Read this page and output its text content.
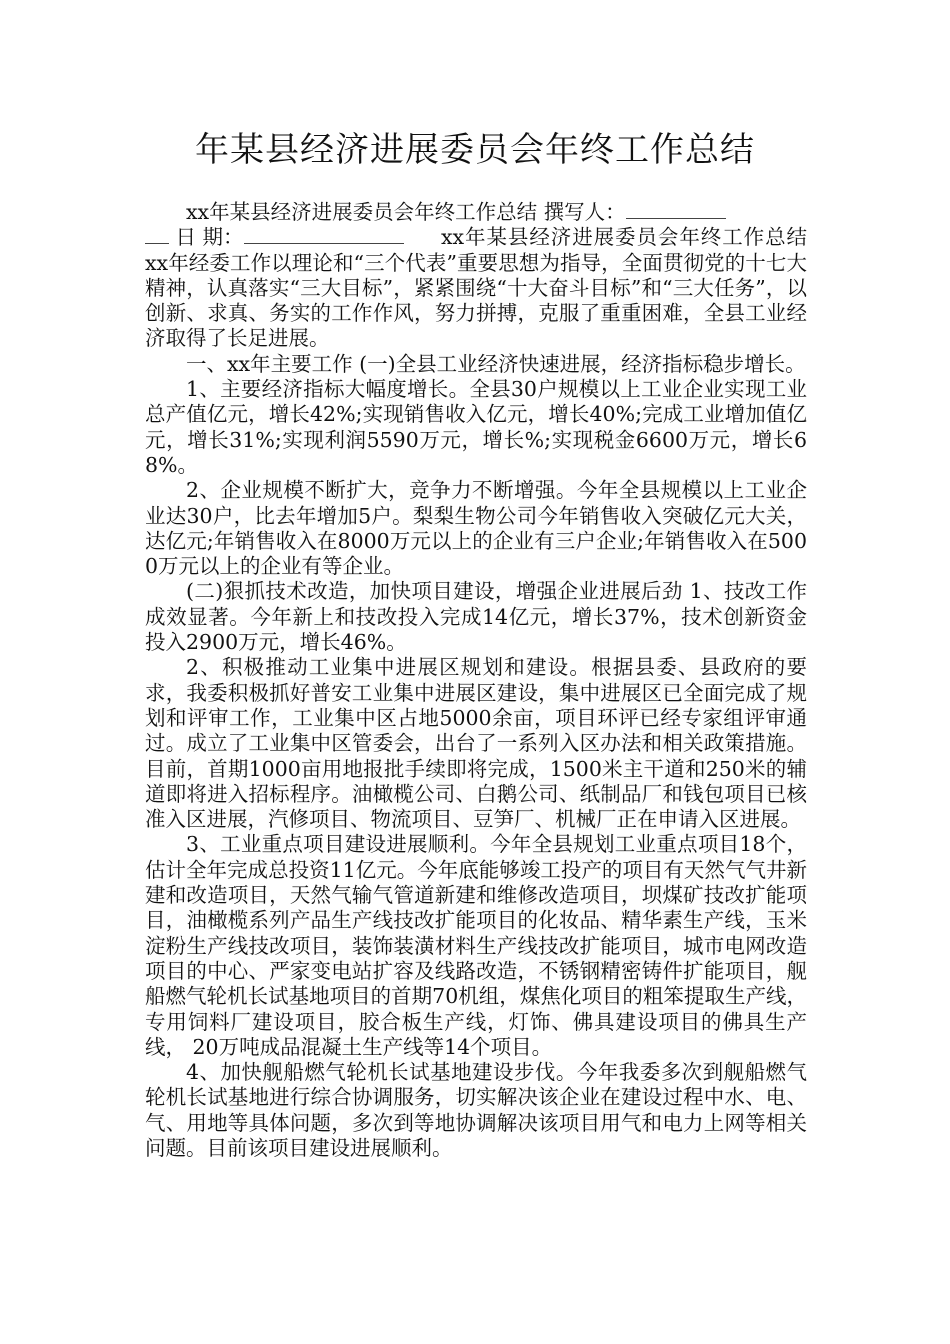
年某县经济进展委员会年终工作总结

xx年某县经济进展委员会年终工作总结 撰写人：

日 期：	xx年某县经济进展委员会年终工作总结 xx年经委工作以理论和“三个代表”重要思想为指导，全面贯彻党的十七大精神，认真落实“三大目标”，紧紧围绕“十大奋斗目标”和“三大任务”，以创新、求真、务实的工作作风，努力拼搏，克服了重重困难，全县工业经济取得了长足进展。

一、xx年主要工作 (一)全县工业经济快速进展，经济指标稳步增长。

1、主要经济指标大幅度增长。全县30户规模以上工业企业实现工业总产值亿元，增长42%;实现销售收入亿元，增长40%;完成工业增加值亿元，增长31%;实现利润5590万元，增长%;实现税金6600万元，增长68%。

2、企业规模不断扩大，竞争力不断增强。今年全县规模以上工业企业达30户，比去年增加5户。梨梨生物公司今年销售收入突破亿元大关，达亿元;年销售收入在8000万元以上的企业有三户企业;年销售收入在5000万元以上的企业有等企业。

(二)狠抓技术改造，加快项目建设，增强企业进展后劲 1、技改工作成效显著。今年新上和技改投入完成14亿元，增长37%，技术创新资金投入2900万元，增长46%。

2、积极推动工业集中进展区规划和建设。根据县委、县政府的要求，我委积极抓好普安工业集中进展区建设，集中进展区已全面完成了规划和评审工作，工业集中区占地5000余亩，项目环评已经专家组评审通过。成立了工业集中区管委会，出台了一系列入区办法和相关政策措施。目前，首期1000亩用地报批手续即将完成，1500米主干道和250米的辅道即将进入招标程序。油橄榄公司、白鹅公司、纸制品厂和钱包项目已核准入区进展，汽修项目、物流项目、豆笋厂、机械厂正在申请入区进展。

3、工业重点项目建设进展顺利。今年全县规划工业重点项目18个，估计全年完成总投资11亿元。今年底能够竣工投产的项目有天然气气井新建和改造项目，天然气输气管道新建和维修改造项目，坝煤矿技改扩能项目，油橄榄系列产品生产线技改扩能项目的化妆品、精华素生产线，玉米淀粉生产线技改项目，装饰装潢材料生产线技改扩能项目，城市电网改造项目的中心、严家变电站扩容及线路改造，不锈钢精密铸件扩能项目，舰船燃气轮机长试基地项目的首期70机组，煤焦化项目的粗笨提取生产线，专用饲料厂建设项目，胶合板生产线，灯饰、佛具建设项目的佛具生产线， 20万吨成品混凝土生产线等14个项目。

4、加快舰船燃气轮机长试基地建设步伐。今年我委多次到舰船燃气轮机长试基地进行综合协调服务，切实解决该企业在建设过程中水、电、气、用地等具体问题，多次到等地协调解决该项目用气和电力上网等相关问题。目前该项目建设进展顺利。
